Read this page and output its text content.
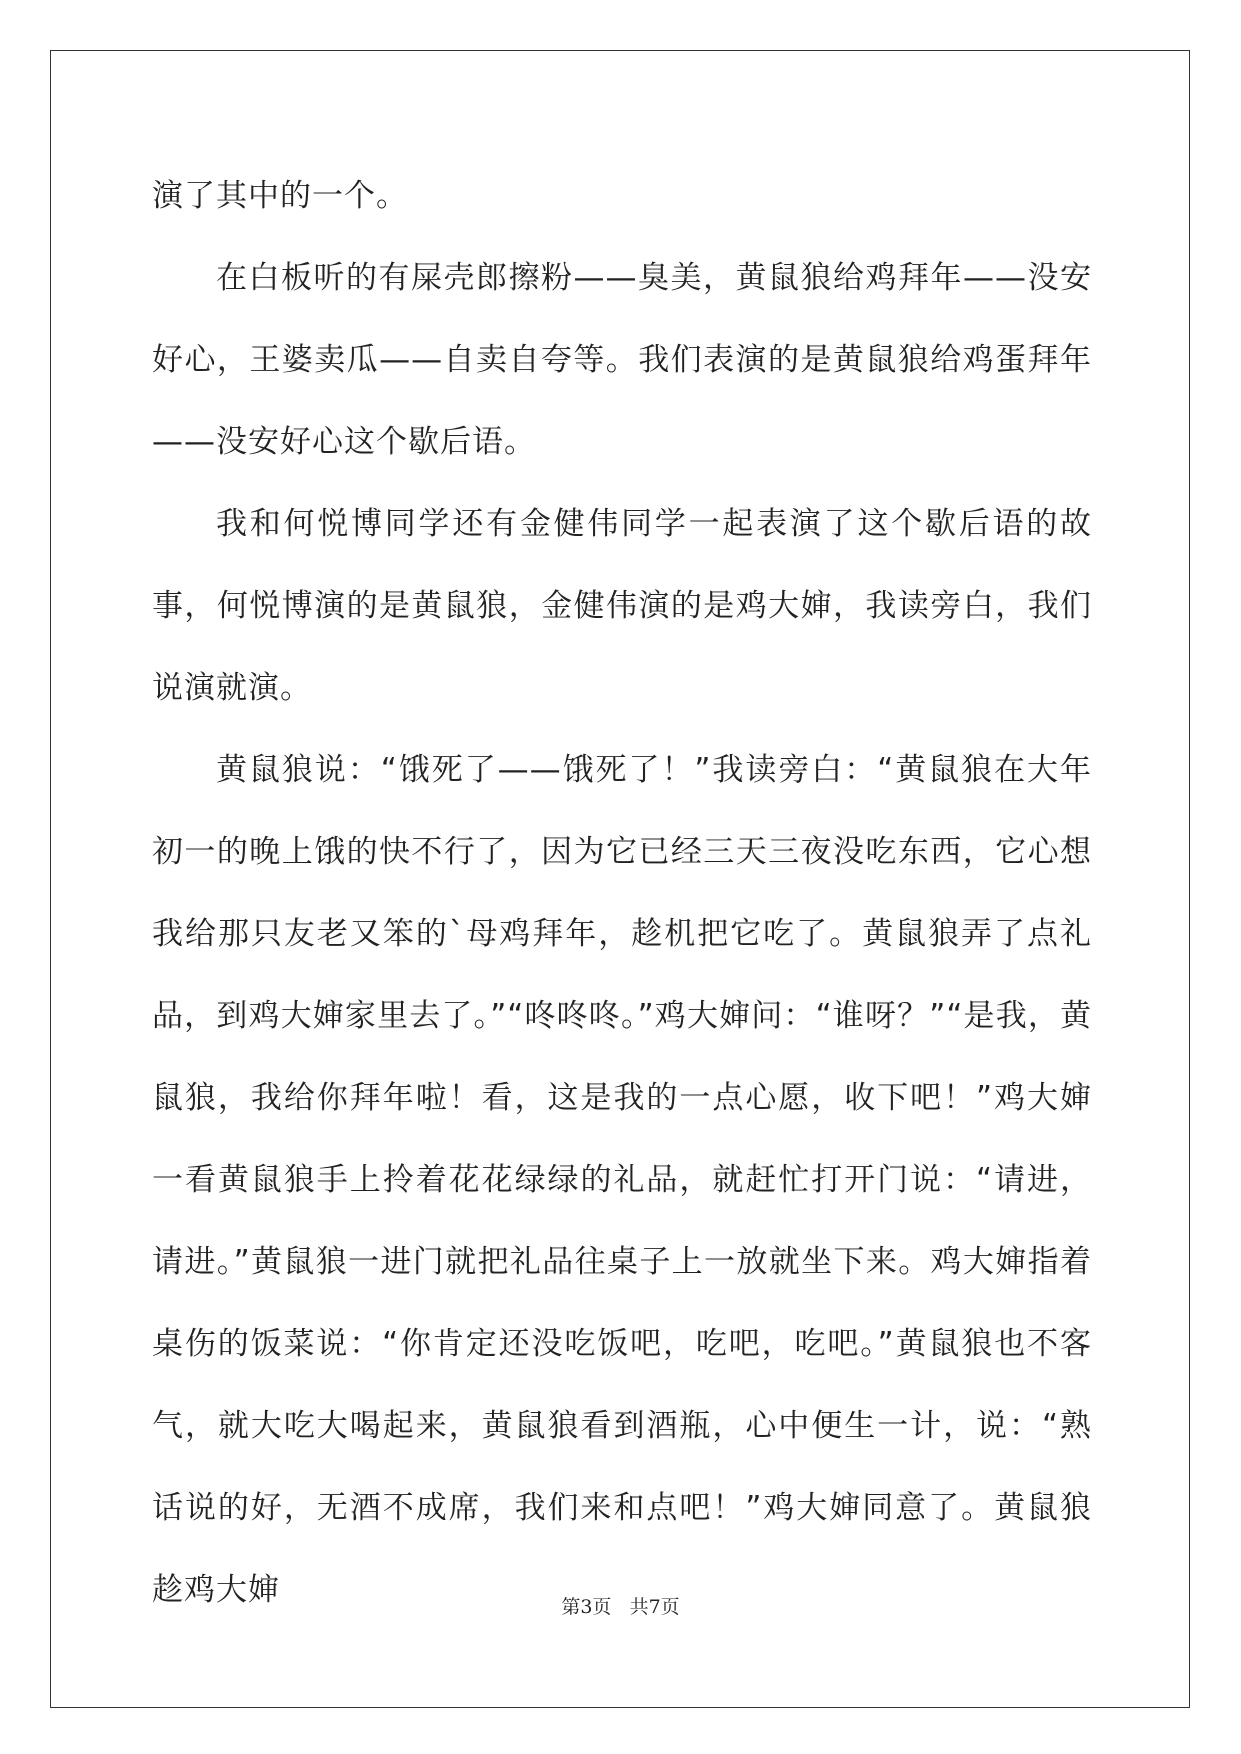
演了其中的一个。

在白板听的有屎壳郎擦粉——臭美，黄鼠狼给鸡拜年——没安好心，王婆卖瓜——自卖自夸等。我们表演的是黄鼠狼给鸡蛋拜年——没安好心这个歇后语。

我和何悦博同学还有金健伟同学一起表演了这个歇后语的故事，何悦博演的是黄鼠狼，金健伟演的是鸡大婶，我读旁白，我们说演就演。

黄鼠狼说：“饿死了——饿死了！”我读旁白：“黄鼠狼在大年初一的晚上饿的快不行了，因为它已经三天三夜没吃东西，它心想我给那只友老又笨的`母鸡拜年，趁机把它吃了。黄鼠狼弄了点礼品，到鸡大婶家里去了。”“咚咚咚。”鸡大婶问：“谁呀？”“是我，黄鼠狼，我给你拜年啦！看，这是我的一点心愿，收下吧！”鸡大婶一看黄鼠狼手上拎着花花绿绿的礼品，就赶忙打开门说：“请进，请进。”黄鼠狼一进门就把礼品往桌子上一放就坐下来。鸡大婶指着桌伤的饭菜说：“你肯定还没吃饭吧，吃吧，吃吧。”黄鼠狼也不客气，就大吃大喝起来，黄鼠狼看到酒瓶，心中便生一计，说：“熟话说的好，无酒不成席，我们来和点吧！”鸡大婶同意了。黄鼠狼趁鸡大婶	第3页 共7页
